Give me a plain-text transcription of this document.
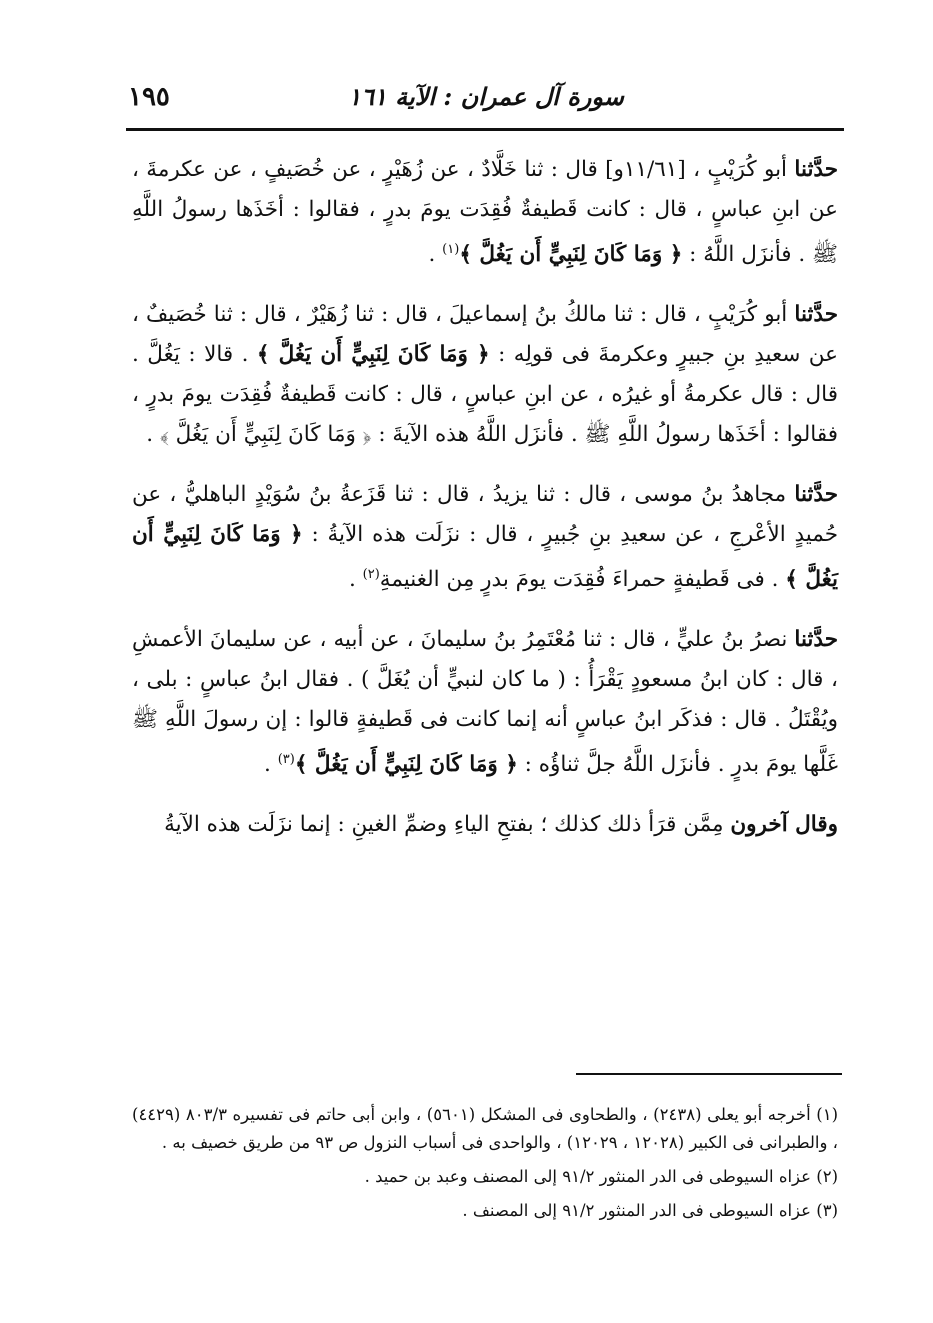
١٩٥	سورة آل عمران : الآية ١٦١

حدَّثنا أبو كُرَيْبٍ ، [١١/٦١و] قال : ثنا خَلَّادٌ ، عن زُهَيْرٍ ، عن خُصَيفٍ ، عن عكرمةَ ، عن ابنِ عباسٍ ، قال : كانت قَطيفةٌ فُقِدَت يومَ بدرٍ ، فقالوا : أخَذَها رسولُ اللَّهِ ﷺ . فأنزَل اللَّهُ : ﴿ وَمَا كَانَ لِنَبِيٍّ أَن يَغُلَّ ﴾$^{(١)}$ .

حدَّثنا أبو كُرَيْبٍ ، قال : ثنا مالكُ بنُ إسماعيلَ ، قال : ثنا زُهَيْرٌ ، قال : ثنا خُصَيفٌ ، عن سعيدِ بنِ جبيرٍ وعكرمةَ فى قولِه : ﴿ وَمَا كَانَ لِنَبِيٍّ أَن يَغُلَّ ﴾ . قالا : يَغُلَّ . قال : قال عكرمةُ أو غيرُه ، عن ابنِ عباسٍ ، قال : كانت قَطيفةٌ فُقِدَت يومَ بدرٍ ، فقالوا : أخَذَها رسولُ اللَّهِ ﷺ . فأنزَل اللَّهُ هذه الآيةَ : ﴿ وَمَا كَانَ لِنَبِيٍّ أَن يَغُلَّ ﴾ .

حدَّثنا مجاهدُ بنُ موسى ، قال : ثنا يزيدُ ، قال : ثنا قَزَعةُ بنُ سُوَيْدٍ الباهليُّ ، عن حُميدٍ الأعْرجِ ، عن سعيدِ بنِ جُبيرٍ ، قال : نزَلَت هذه الآيةُ : ﴿ وَمَا كَانَ لِنَبِيٍّ أَن يَغُلَّ ﴾ . فى قَطيفةٍ حمراءَ فُقِدَت يومَ بدرٍ مِن الغنيمةِ$^{(٢)}$ .

حدَّثنا نصرُ بنُ عليٍّ ، قال : ثنا مُعْتَمِرُ بنُ سليمانَ ، عن أبيه ، عن سليمانَ الأعمشِ ، قال : كان ابنُ مسعودٍ يَقْرَأُ : ( ما كان لنبيٍّ أن يُغَلَّ ) . فقال ابنُ عباسٍ : بلى ، ويُقْتَلُ . قال : فذكَر ابنُ عباسٍ أنه إنما كانت فى قَطيفةٍ قالوا : إن رسولَ اللَّهِ ﷺ غَلَّها يومَ بدرٍ . فأنزَل اللَّهُ جلَّ ثناؤُه : ﴿ وَمَا كَانَ لِنَبِيٍّ أَن يَغُلَّ ﴾$^{(٣)}$ .

وقال آخرون مِمَّن قرَأ ذلك كذلك ؛ بفتحِ الياءِ وضمِّ الغينِ : إنما نزَلَت هذه الآيةُ

(١) أخرجه أبو يعلى (٢٤٣٨) ، والطحاوى فى المشكل (٥٦٠١) ، وابن أبى حاتم فى تفسيره ٨٠٣/٣ (٤٤٢٩) ، والطبرانى فى الكبير (١٢٠٢٨ ، ١٢٠٢٩) ، والواحدى فى أسباب النزول ص ٩٣ من طريق خصيف به .

(٢) عزاه السيوطى فى الدر المنثور ٩١/٢ إلى المصنف وعبد بن حميد .

(٣) عزاه السيوطى فى الدر المنثور ٩١/٢ إلى المصنف .
